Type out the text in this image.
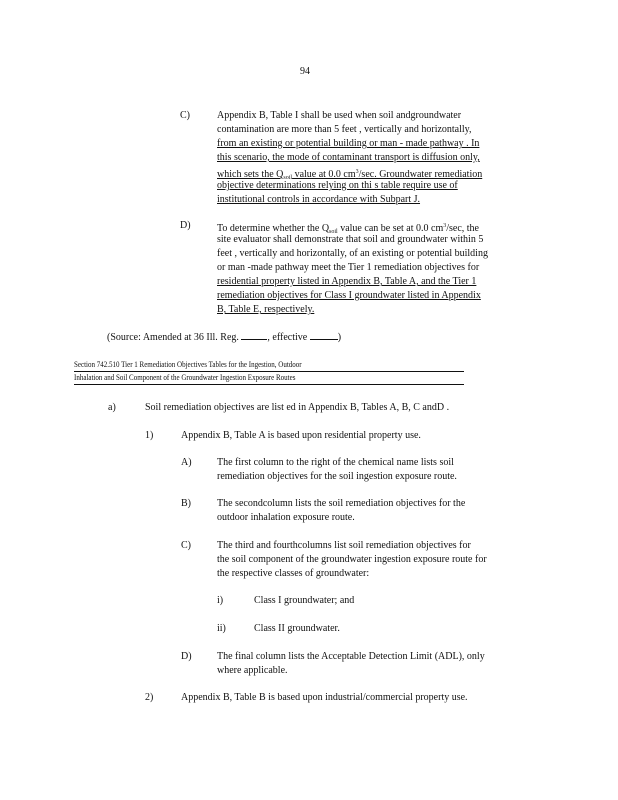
94
C)	Appendix B, Table I shall be used when soil andgroundwater
contamination are more than 5 feet , vertically and horizontally,
from an existing or potential building or man - made pathway . In
this scenario, the mode of contaminant transport is diffusion only,
which sets the $Q_{soil}$ value at 0.0 $cm^3/\sec$. Groundwater remediation
objective determinations relying on thi s table require use of
institutional controls in accordance with Subpart J.
D)	To determine whether the $Q_{soil}$ value can be set at 0.0 $cm^3/\sec$, the
site evaluator shall demonstrate that soil and groundwater within 5
feet , vertically and horizontally, of an existing or potential building
or man -made pathway meet the Tier 1 remediation objectives for
residential property listed in Appendix B, Table A, and the Tier 1
remediation objectives for Class I groundwater listed in Appendix
B, Table E, respectively.
(Source: Amended at 36 Ill. Reg.	, effective	)
Section 742.510 Tier 1 Remediation Objectives Tables for the Ingestion, Outdoor
Inhalation and Soil Component of the Groundwater Ingestion Exposure Routes
a)	Soil remediation objectives are list ed in Appendix B, Tables A, B, C andD .
1)	Appendix B, Table A is based upon residential property use.
A)	The first column to the right of the chemical name lists soil
remediation objectives for the soil ingestion exposure route.
B)	The secondcolumn lists the soil remediation objectives for the
outdoor inhalation exposure route.
C)	The third and fourthcolumns list soil remediation objectives for
the soil component of the groundwater ingestion exposure route for
the respective classes of groundwater:
i)	Class I groundwater; and
ii)	Class II groundwater.
D)	The final column lists the Acceptable Detection Limit (ADL), only
where applicable.
2)	Appendix B, Table B is based upon industrial/commercial property use.
